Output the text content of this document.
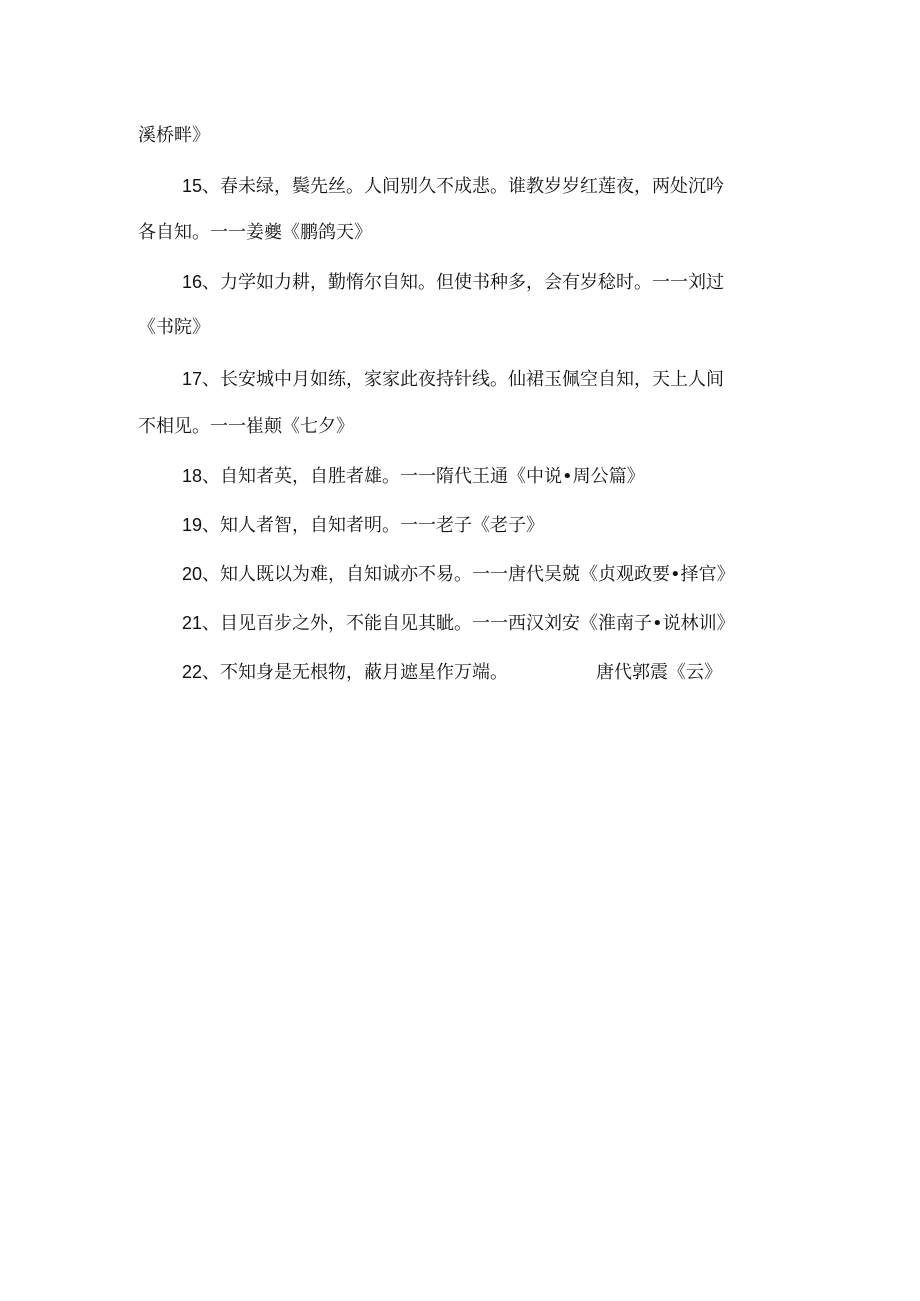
溪桥畔》
15、春未绿，鬓先丝。人间别久不成悲。谁教岁岁红莲夜，两处沉吟
各自知。一一姜夔《鹏鸽天》
16、力学如力耕，勤惰尔自知。但使书种多，会有岁稔时。一一刘过
《书院》
17、长安城中月如练，家家此夜持针线。仙裙玉佩空自知，天上人间
不相见。一一崔颠《七夕》
18、自知者英，自胜者雄。一一隋代王通《中说•周公篇》
19、知人者智，自知者明。一一老子《老子》
20、知人既以为难，自知诚亦不易。一一唐代吴兢《贞观政要•择官》
21、目见百步之外，不能自见其眦。一一西汉刘安《淮南子•说林训》
22、不知身是无根物，蔽月遮星作万端。	唐代郭震《云》
